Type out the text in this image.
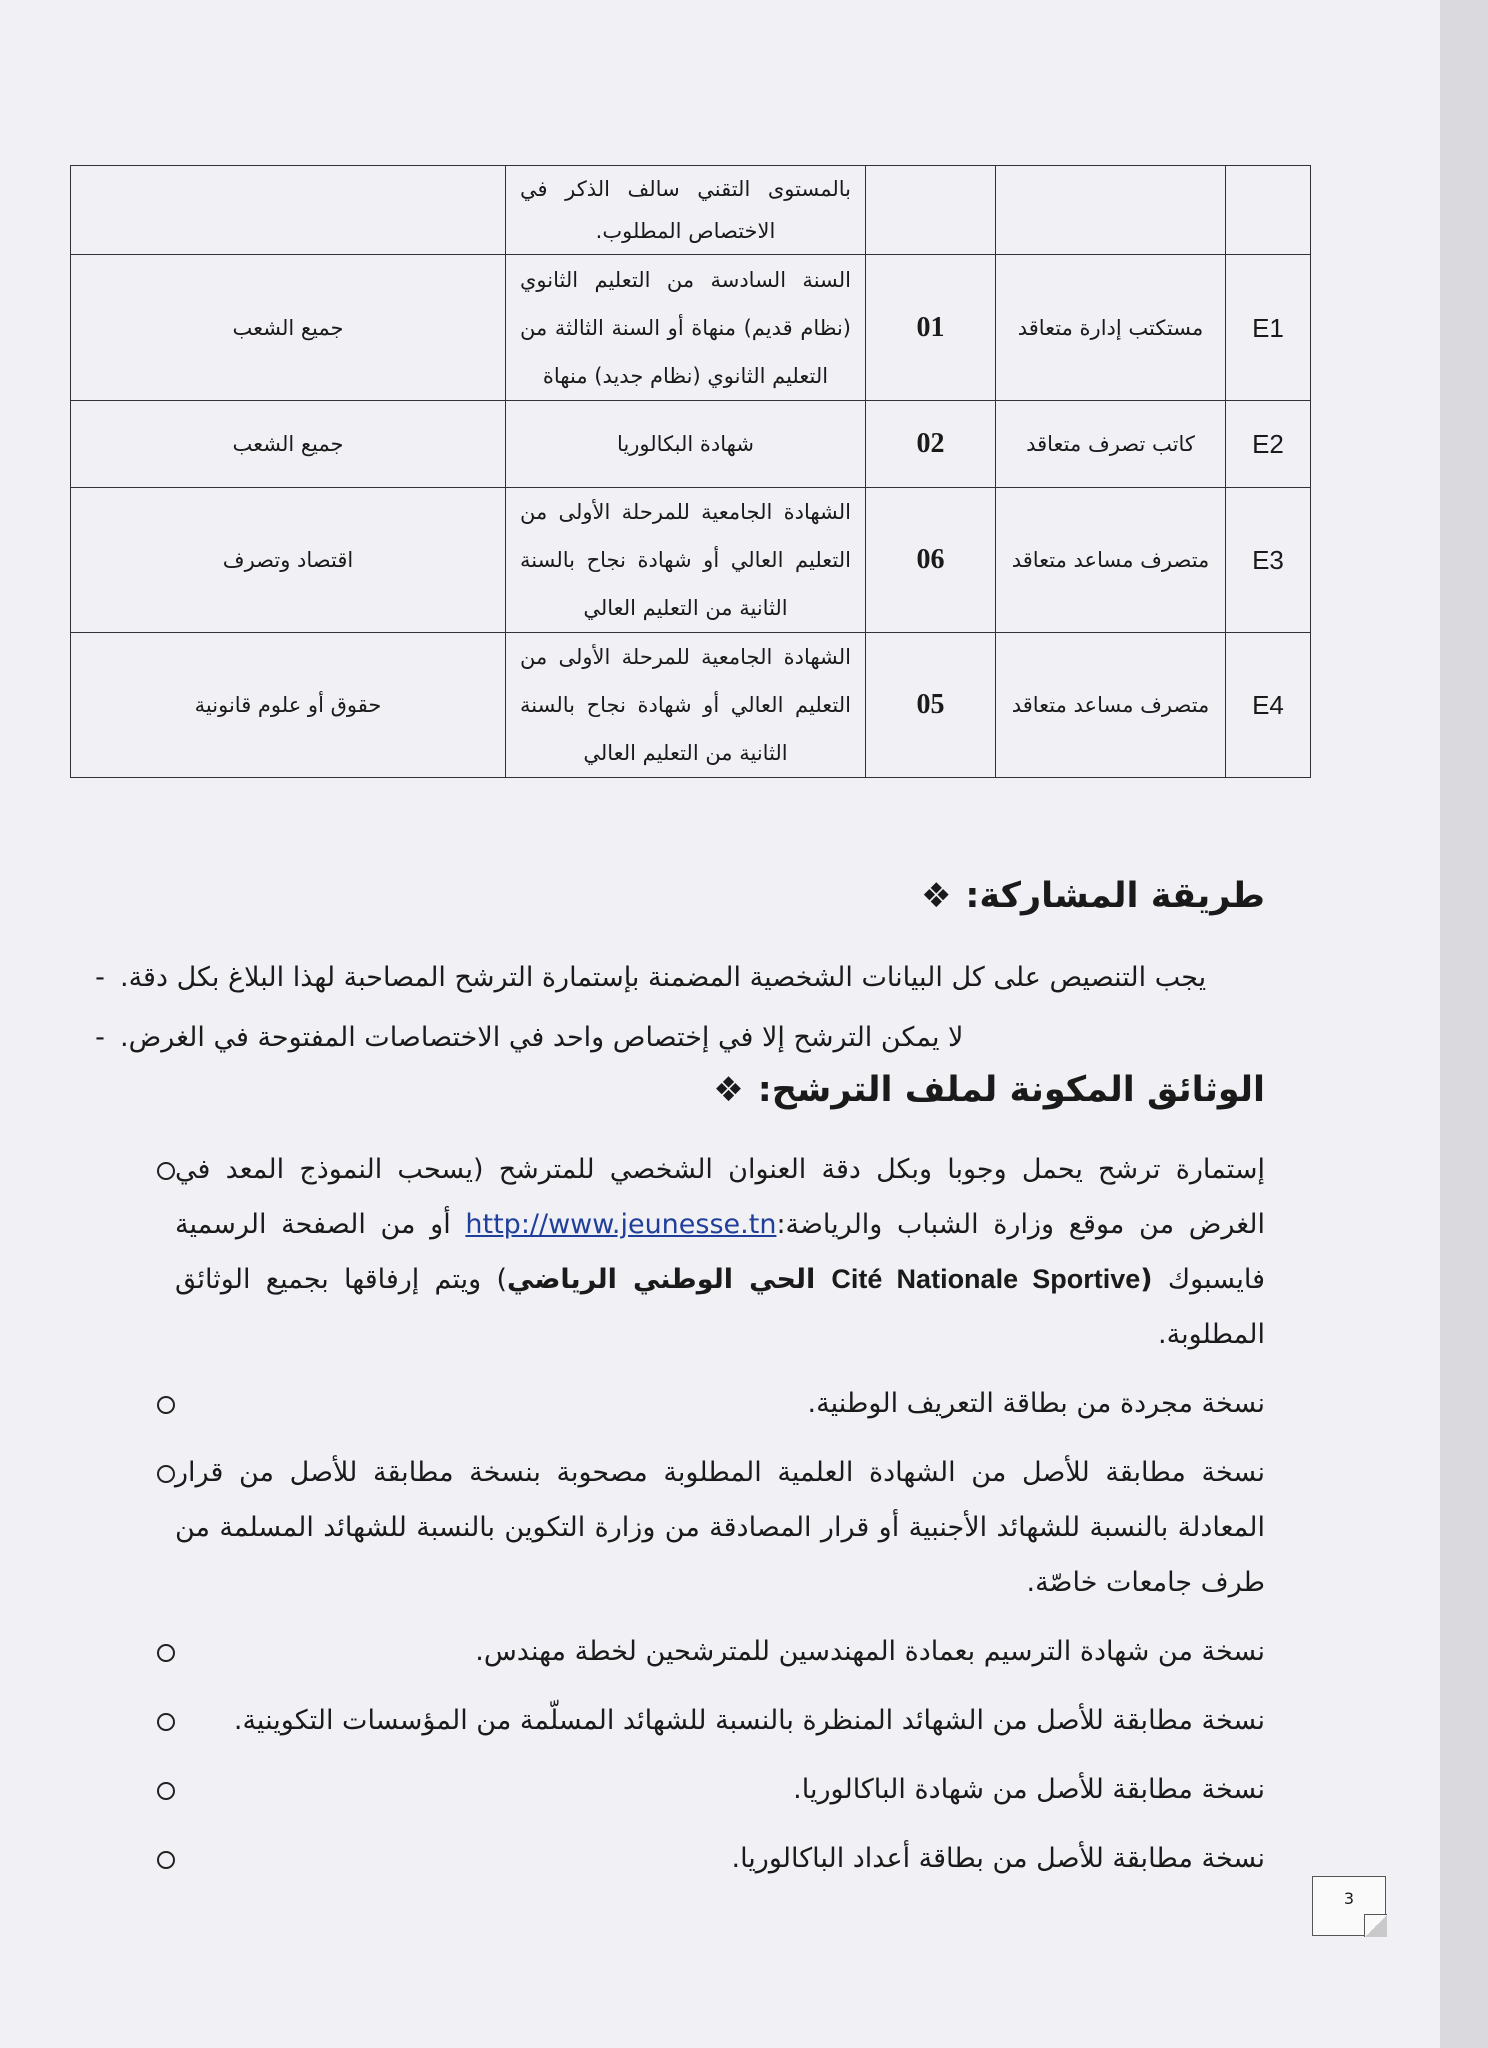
			بالمستوى التقني سالف الذكر في الاختصاص المطلوب.	
E1	مستكتب إدارة متعاقد	01	السنة السادسة من التعليم الثانوي (نظام قديم) منهاة أو السنة الثالثة من التعليم الثانوي (نظام جديد) منهاة	جميع الشعب
E2	كاتب تصرف متعاقد	02	شهادة البكالوريا	جميع الشعب
E3	متصرف مساعد متعاقد	06	الشهادة الجامعية للمرحلة الأولى من التعليم العالي أو شهادة نجاح بالسنة الثانية من التعليم العالي	اقتصاد وتصرف
E4	متصرف مساعد متعاقد	05	الشهادة الجامعية للمرحلة الأولى من التعليم العالي أو شهادة نجاح بالسنة الثانية من التعليم العالي	حقوق أو علوم قانونية
❖ طريقة المشاركة:
- يجب التنصيص على كل البيانات الشخصية المضمنة بإستمارة الترشح المصاحبة لهذا البلاغ بكل دقة.
- لا يمكن الترشح إلا في إختصاص واحد في الاختصاصات المفتوحة في الغرض.
❖ الوثائق المكونة لملف الترشح:
إستمارة ترشح يحمل وجوبا وبكل دقة العنوان الشخصي للمترشح (يسحب النموذج المعد في الغرض من موقع وزارة الشباب والرياضة:http://www.jeunesse.tn أو من الصفحة الرسمية فايسبوك (Cité Nationale Sportive الحي الوطني الرياضي) ويتم إرفاقها بجميع الوثائق المطلوبة.
نسخة مجردة من بطاقة التعريف الوطنية.
نسخة مطابقة للأصل من الشهادة العلمية المطلوبة مصحوبة بنسخة مطابقة للأصل من قرار المعادلة بالنسبة للشهائد الأجنبية أو قرار المصادقة من وزارة التكوين بالنسبة للشهائد المسلمة من طرف جامعات خاصّة.
نسخة من شهادة الترسيم بعمادة المهندسين للمترشحين لخطة مهندس.
نسخة مطابقة للأصل من الشهائد المنظرة بالنسبة للشهائد المسلّمة من المؤسسات التكوينية.
نسخة مطابقة للأصل من شهادة الباكالوريا.
نسخة مطابقة للأصل من بطاقة أعداد الباكالوريا.
3
